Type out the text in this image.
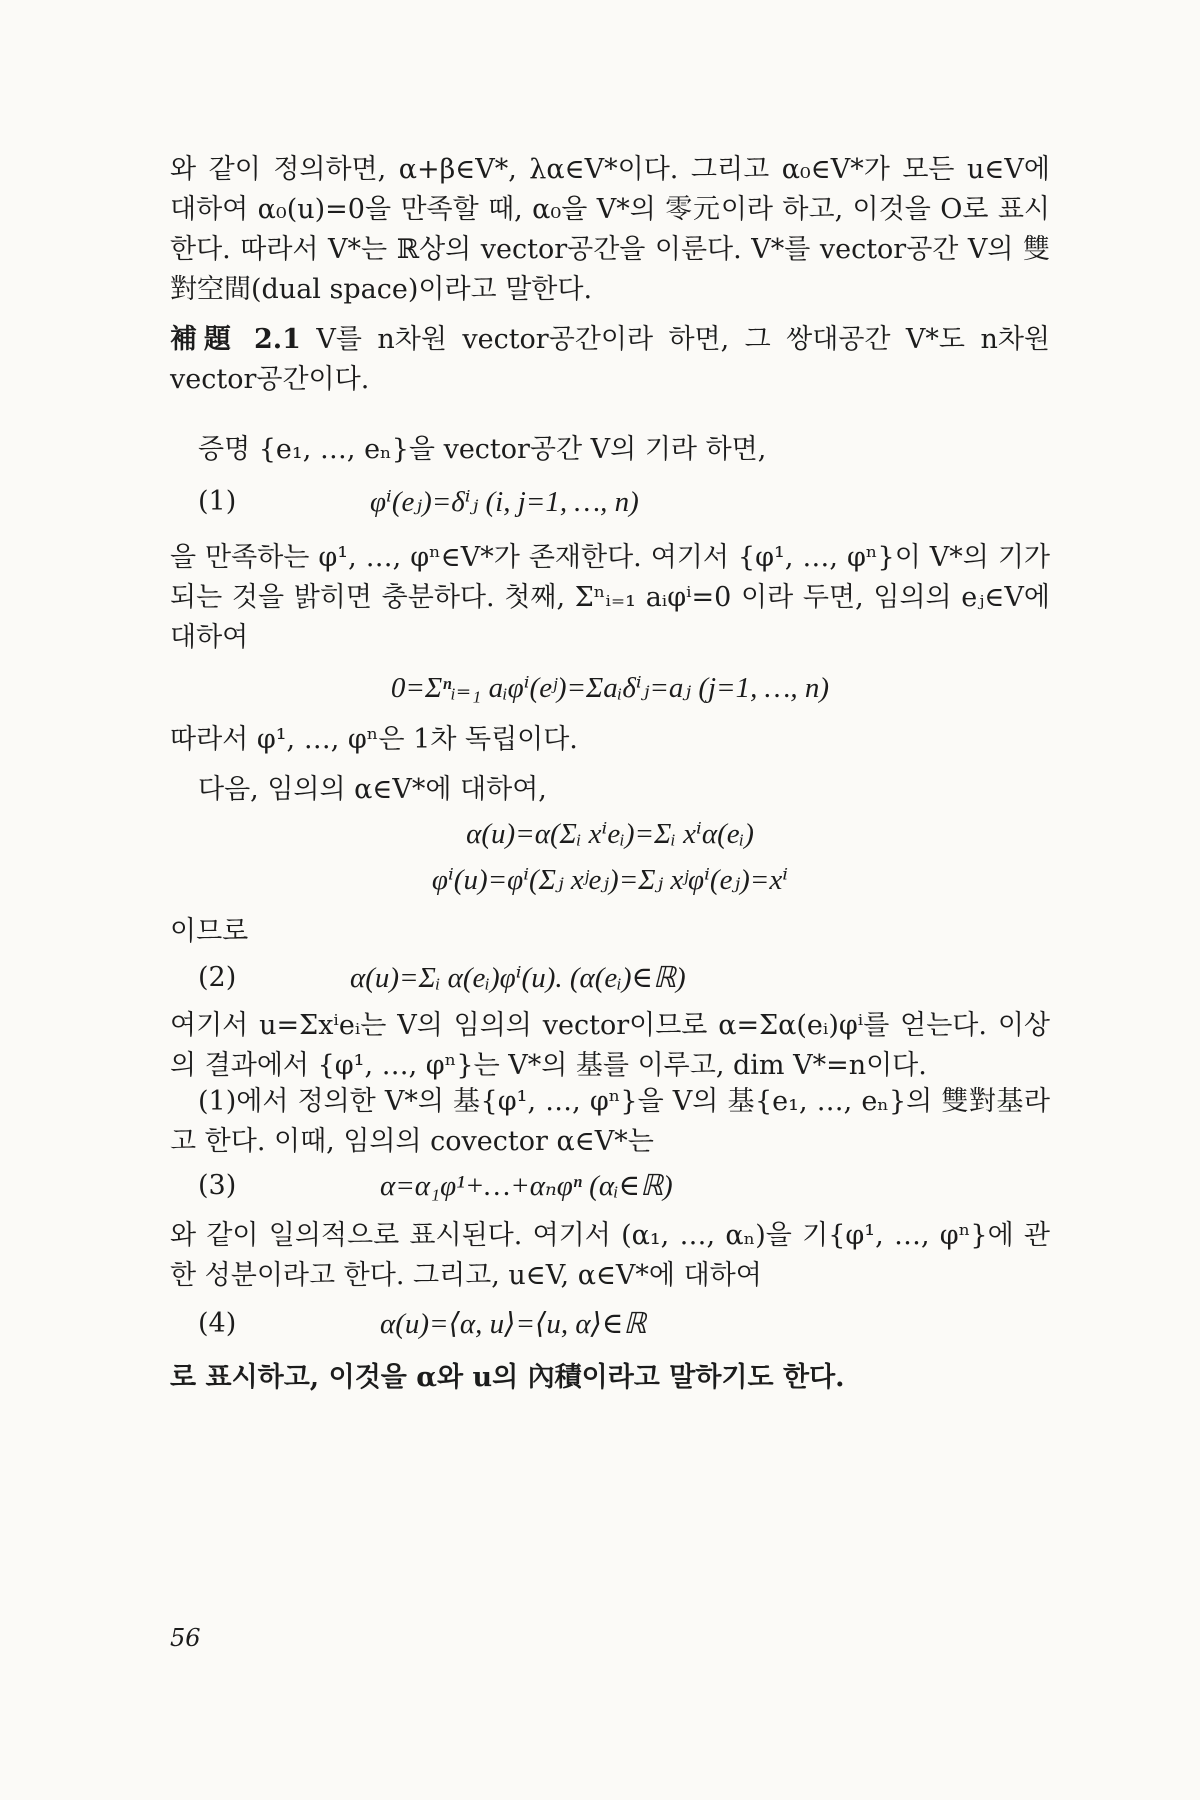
와 같이 정의하면, α+β∈V*, λα∈V*이다. 그리고 α₀∈V*가 모든 u∈V에 대하여 α₀(u)=0을 만족할 때, α₀을 V*의 零元이라 하고, 이것을 O로 표시한다. 따라서 V*는 ℝ상의 vector공간을 이룬다. V*를 vector공간 V의 雙對空間(dual space)이라고 말한다.

補題 2.1 V를 n차원 vector공간이라 하면, 그 쌍대공간 V*도 n차원 vector공간이다.

증명 {e₁, …, eₙ}을 vector공간 V의 기라 하면,

(1)	φⁱ(eⱼ)=δⁱⱼ (i, j=1, …, n)

을 만족하는 φ¹, …, φⁿ∈V*가 존재한다. 여기서 {φ¹, …, φⁿ}이 V*의 기가 되는 것을 밝히면 충분하다. 첫째, Σⁿᵢ₌₁ aᵢφⁱ=0 이라 두면, 임의의 eⱼ∈V에 대하여

0=Σⁿᵢ₌₁ aᵢφⁱ(eʲ)=Σaᵢδⁱⱼ=aⱼ (j=1, …, n)

따라서 φ¹, …, φⁿ은 1차 독립이다.

다음, 임의의 α∈V*에 대하여,

α(u)=α(Σᵢ xⁱeᵢ)=Σᵢ xⁱα(eᵢ)
φⁱ(u)=φⁱ(Σⱼ xʲeⱼ)=Σⱼ xʲφⁱ(eⱼ)=xⁱ

이므로

(2)	α(u)=Σᵢ α(eᵢ)φⁱ(u). (α(eᵢ)∈ℝ)

여기서 u=Σxⁱeᵢ는 V의 임의의 vector이므로 α=Σα(eᵢ)φⁱ를 얻는다. 이상의 결과에서 {φ¹, …, φⁿ}는 V*의 基를 이루고, dim V*=n이다.

(1)에서 정의한 V*의 基{φ¹, …, φⁿ}을 V의 基{e₁, …, eₙ}의 雙對基라고 한다. 이때, 임의의 covector α∈V*는

(3)	α=α₁φ¹+…+αₙφⁿ (αᵢ∈ℝ)

와 같이 일의적으로 표시된다. 여기서 (α₁, …, αₙ)을 기{φ¹, …, φⁿ}에 관한 성분이라고 한다. 그리고, u∈V, α∈V*에 대하여

(4)	α(u)=⟨α, u⟩=⟨u, α⟩∈ℝ

로 표시하고, 이것을 α와 u의 內積이라고 말하기도 한다.

56
